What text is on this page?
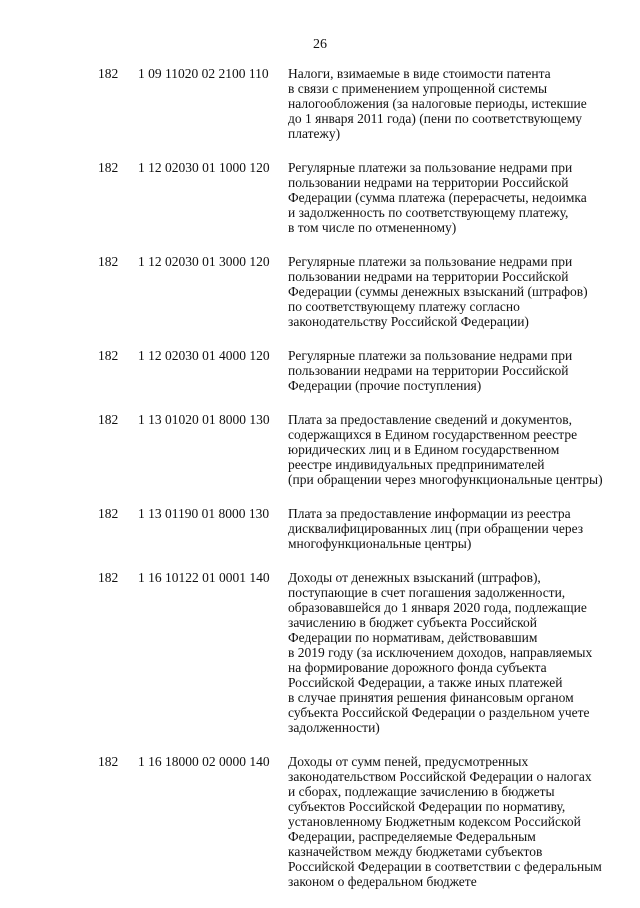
26
182	1 09 11020 02 2100 110	Налоги, взимаемые в виде стоимости патента
в связи с применением упрощенной системы
налогообложения (за налоговые периоды, истекшие
до 1 января 2011 года) (пени по соответствующему
платежу)
182	1 12 02030 01 1000 120	Регулярные платежи за пользование недрами при
пользовании недрами на территории Российской
Федерации (сумма платежа (перерасчеты, недоимка
и задолженность по соответствующему платежу,
в том числе по отмененному)
182	1 12 02030 01 3000 120	Регулярные платежи за пользование недрами при
пользовании недрами на территории Российской
Федерации (суммы денежных взысканий (штрафов)
по соответствующему платежу согласно
законодательству Российской Федерации)
182	1 12 02030 01 4000 120	Регулярные платежи за пользование недрами при
пользовании недрами на территории Российской
Федерации (прочие поступления)
182	1 13 01020 01 8000 130	Плата за предоставление сведений и документов,
содержащихся в Едином государственном реестре
юридических лиц и в Едином государственном
реестре индивидуальных предпринимателей
(при обращении через многофункциональные центры)
182	1 13 01190 01 8000 130	Плата за предоставление информации из реестра
дисквалифицированных лиц (при обращении через
многофункциональные центры)
182	1 16 10122 01 0001 140	Доходы от денежных взысканий (штрафов),
поступающие в счет погашения задолженности,
образовавшейся до 1 января 2020 года, подлежащие
зачислению в бюджет субъекта Российской
Федерации по нормативам, действовавшим
в 2019 году (за исключением доходов, направляемых
на формирование дорожного фонда субъекта
Российской Федерации, а также иных платежей
в случае принятия решения финансовым органом
субъекта Российской Федерации о раздельном учете
задолженности)
182	1 16 18000 02 0000 140	Доходы от сумм пеней, предусмотренных
законодательством Российской Федерации о налогах
и сборах, подлежащие зачислению в бюджеты
субъектов Российской Федерации по нормативу,
установленному Бюджетным кодексом Российской
Федерации, распределяемые Федеральным
казначейством между бюджетами субъектов
Российской Федерации в соответствии с федеральным
законом о федеральном бюджете
